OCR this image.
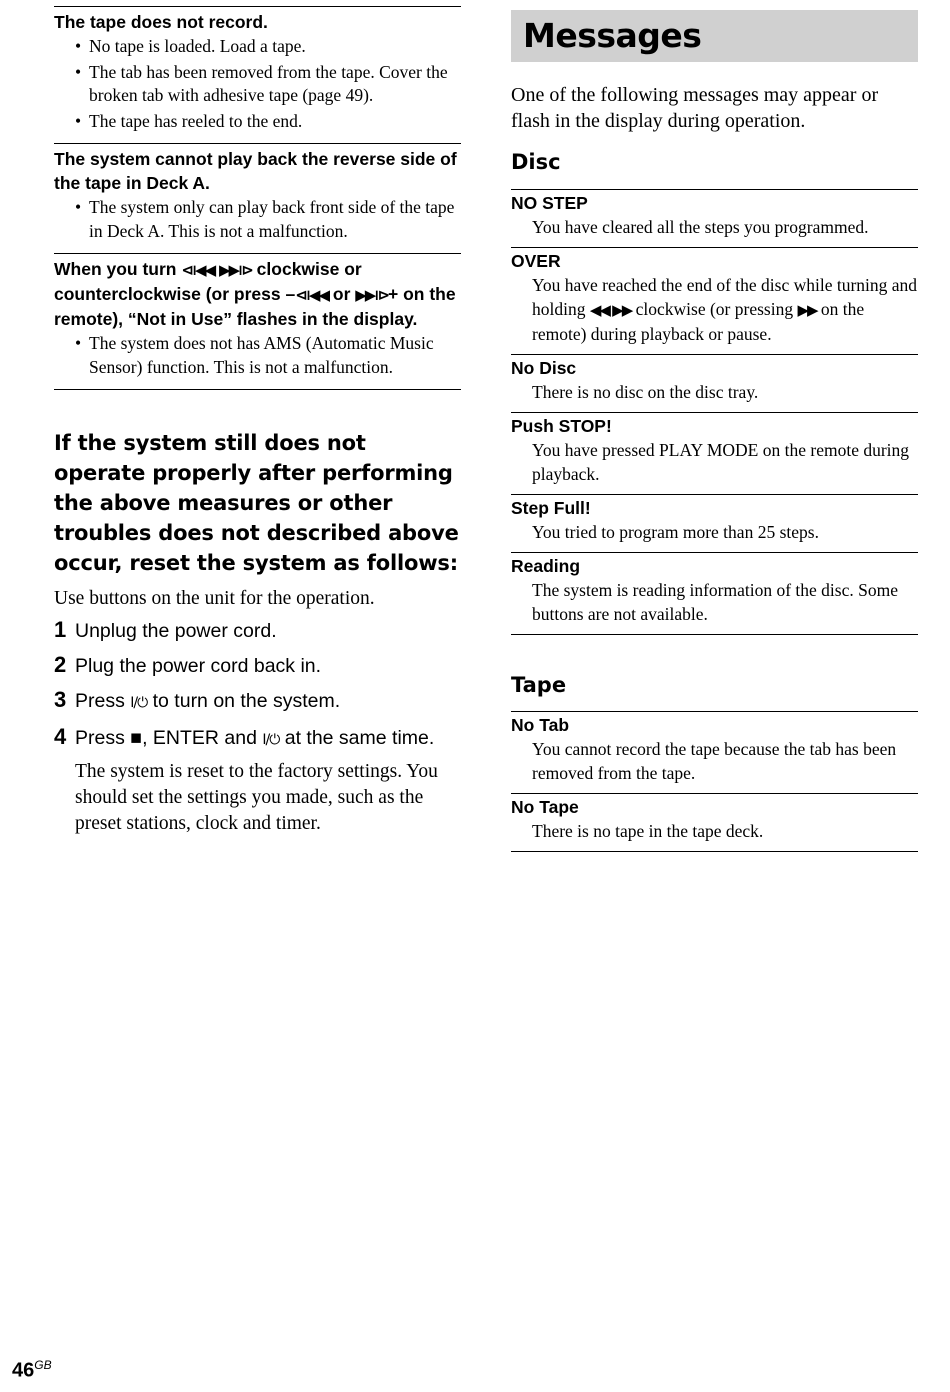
The tape does not record.
• No tape is loaded. Load a tape.
• The tab has been removed from the tape. Cover the broken tab with adhesive tape (page 49).
• The tape has reeled to the end.
The system cannot play back the reverse side of the tape in Deck A.
• The system only can play back front side of the tape in Deck A. This is not a malfunction.
When you turn ⧏◀◀ ▶▶⧐ clockwise or counterclockwise (or press –⧏◀◀ or ▶▶⧐+ on the remote), “Not in Use” flashes in the display.
• The system does not has AMS (Automatic Music Sensor) function. This is not a malfunction.
If the system still does not operate properly after performing the above measures or other troubles does not described above occur, reset the system as follows:
Use buttons on the unit for the operation.
1 Unplug the power cord.
2 Plug the power cord back in.
3 Press I/⏻ to turn on the system.
4 Press ■, ENTER and I/⏻ at the same time.
The system is reset to the factory settings. You should set the settings you made, such as the preset stations, clock and timer.
Messages
One of the following messages may appear or flash in the display during operation.
Disc
NO STEP
You have cleared all the steps you programmed.
OVER
You have reached the end of the disc while turning and holding ◀◀ ▶▶ clockwise (or pressing ▶▶ on the remote) during playback or pause.
No Disc
There is no disc on the disc tray.
Push STOP!
You have pressed PLAY MODE on the remote during playback.
Step Full!
You tried to program more than 25 steps.
Reading
The system is reading information of the disc. Some buttons are not available.
Tape
No Tab
You cannot record the tape because the tab has been removed from the tape.
No Tape
There is no tape in the tape deck.
$46^{GB}$
